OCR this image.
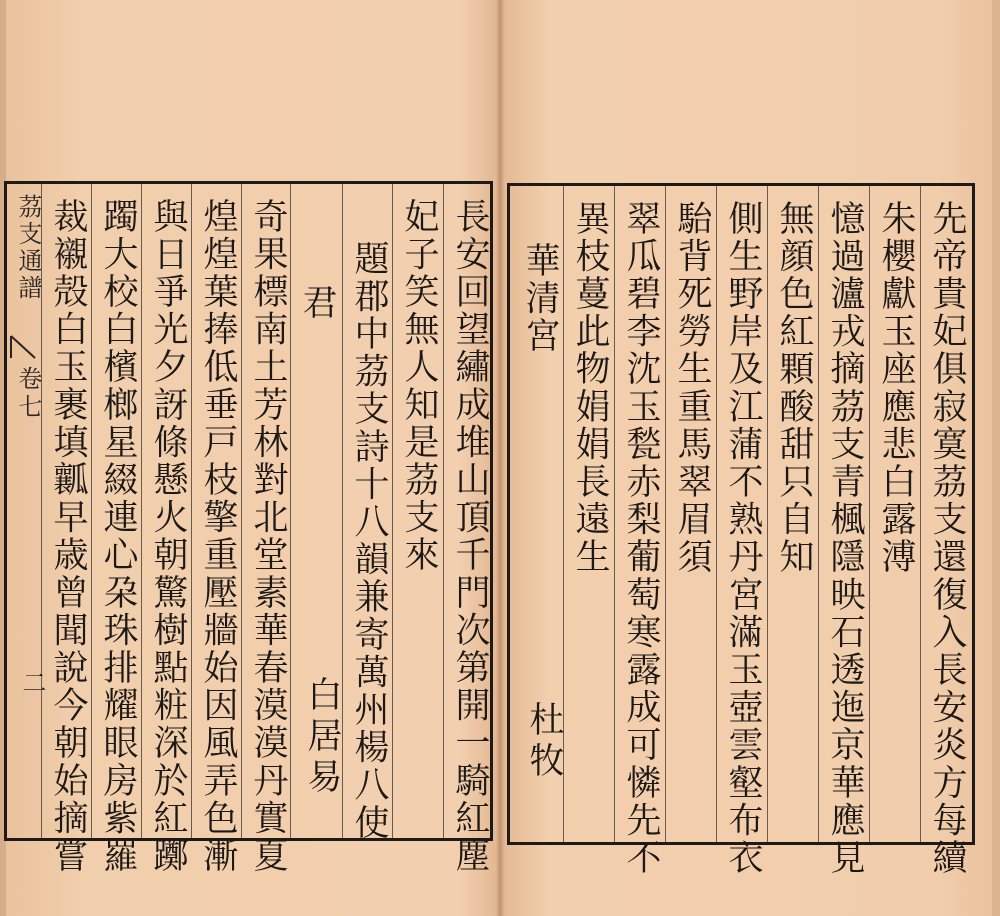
長安回望繡成堆山頂千門次第開一騎紅塵
妃子笑無人知是茘支來
題郡中茘支詩十八韻兼寄萬州楊八使
君
白居易
奇果標南土芳林對北堂素華春漠漠丹實夏
煌煌葉捧低垂戸枝擎重壓牆始因風弄色漸
與日爭光夕訝條懸火朝驚樹點粧深於紅躑
躅大校白檳榔星綴連心朶珠排耀眼房紫羅
裁襯殻白玉裹填瓤早歳曾聞說今朝始摘嘗
茘支通譜
卷七
二	先帝貴妃俱寂寞茘支還復入長安炎方每續
朱櫻獻玉座應悲白露溥
憶過瀘戎摘茘支青楓隱映石透迤京華應見
無顔色紅顆酸甜只自知
側生野岸及江蒲不熟丹宮滿玉壺雲壑布衣
駘背死勞生重馬翠眉須
翠瓜碧李沈玉甃赤梨葡萄寒露成可憐先不
異枝蔓此物娟娟長遠生
華清宮
杜牧
